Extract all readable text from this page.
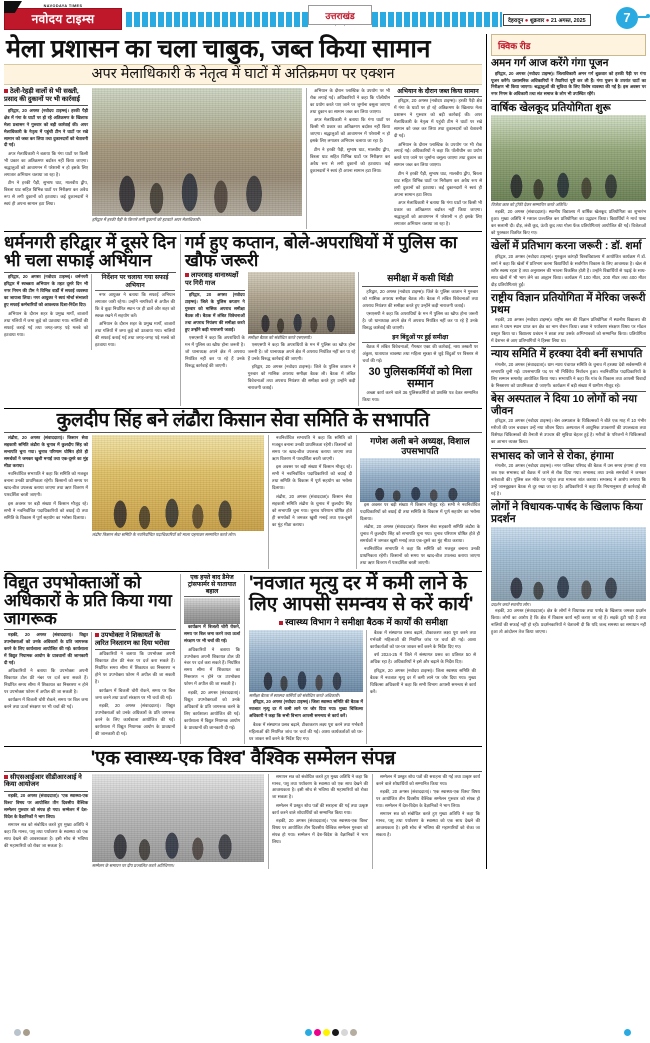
NAVODAYA TIMES
नवोदय टाइम्स	उत्तराखंड	देहरादून ● शुक्रवार ● 21 अगस्त, 2025	7
मेला प्रशासन का चला चाबुक, जब्त किया सामान
अपर मेलाधिकारी के नेतृत्व में घाटों में अतिक्रमण पर एक्शन
ठेली-रेहड़ी वालों से भी सख्ती, प्रसाद की दुकानों पर भी कार्रवाई

हरिद्वार, 20 अगस्त (नवोदय टाइम्स)। हरकी पैड़ी क्षेत्र में गंगा के घाटों पर हो रहे अतिक्रमण के खिलाफ मेला प्रशासन ने गुरुवार को बड़ी कार्रवाई की। अपर मेलाधिकारी के नेतृत्व में पहुंची टीम ने घाटों पर रखे सामान को जब्त कर लिया तथा दुकानदारों को चेतावनी दी गई।

अपर मेलाधिकारी ने बताया कि गंगा घाटों पर किसी भी प्रकार का अतिक्रमण बर्दाश्त नहीं किया जाएगा। श्रद्धालुओं को आवागमन में परेशानी न हो इसके लिए लगातार अभियान चलाया जा रहा है।

टीम ने हरकी पैड़ी, सुभाष घाट, मालवीय द्वीप, बिरला घाट सहित विभिन्न घाटों पर निरीक्षण कर अवैध रूप से लगी दुकानों को हटवाया। कई दुकानदारों ने स्वयं ही अपना सामान हटा लिया।

हरिद्वार में हरकी पैड़ी के किनारे लगी दुकानों को हटवाते अपर मेलाधिकारी।

अभियान के दौरान प्लास्टिक के उपयोग पर भी रोक लगाई गई। अधिकारियों ने कहा कि पॉलीथीन का प्रयोग करते पाए जाने पर जुर्माना वसूला जाएगा तथा दुकान का सामान जब्त कर लिया जाएगा।

अपर मेलाधिकारी ने बताया कि गंगा घाटों पर किसी भी प्रकार का अतिक्रमण बर्दाश्त नहीं किया जाएगा। श्रद्धालुओं को आवागमन में परेशानी न हो इसके लिए लगातार अभियान चलाया जा रहा है।

टीम ने हरकी पैड़ी, सुभाष घाट, मालवीय द्वीप, बिरला घाट सहित विभिन्न घाटों पर निरीक्षण कर अवैध रूप से लगी दुकानों को हटवाया। कई दुकानदारों ने स्वयं ही अपना सामान हटा लिया।

अभियान के दौरान जब्त किया सामान

हरिद्वार, 20 अगस्त (नवोदय टाइम्स)। हरकी पैड़ी क्षेत्र में गंगा के घाटों पर हो रहे अतिक्रमण के खिलाफ मेला प्रशासन ने गुरुवार को बड़ी कार्रवाई की। अपर मेलाधिकारी के नेतृत्व में पहुंची टीम ने घाटों पर रखे सामान को जब्त कर लिया तथा दुकानदारों को चेतावनी दी गई।

अभियान के दौरान प्लास्टिक के उपयोग पर भी रोक लगाई गई। अधिकारियों ने कहा कि पॉलीथीन का प्रयोग करते पाए जाने पर जुर्माना वसूला जाएगा तथा दुकान का सामान जब्त कर लिया जाएगा।

टीम ने हरकी पैड़ी, सुभाष घाट, मालवीय द्वीप, बिरला घाट सहित विभिन्न घाटों पर निरीक्षण कर अवैध रूप से लगी दुकानों को हटवाया। कई दुकानदारों ने स्वयं ही अपना सामान हटा लिया।

अपर मेलाधिकारी ने बताया कि गंगा घाटों पर किसी भी प्रकार का अतिक्रमण बर्दाश्त नहीं किया जाएगा। श्रद्धालुओं को आवागमन में परेशानी न हो इसके लिए लगातार अभियान चलाया जा रहा है।

धर्मनगरी हरिद्वार में दूसरे दिन भी चला सफाई अभियान

हरिद्वार, 20 अगस्त (नवोदय टाइम्स)। धर्मनगरी हरिद्वार में स्वच्छता अभियान के तहत दूसरे दिन भी नगर निगम की टीम ने विभिन्न वार्डों में सफाई व्यवस्था का जायजा लिया। नगर आयुक्त ने स्वयं मोर्चा संभालते हुए सफाई कर्मचारियों को आवश्यक दिशा-निर्देश दिए।

अभियान के दौरान शहर के प्रमुख मार्गों, बाजारों तथा गलियों में जमा कूड़े को उठवाया गया। नालियों की सफाई कराई गई तथा जगह-जगह पड़े मलबे को हटवाया गया।

निर्देशन पर चलाया गया सफाई अभियान

नगर आयुक्त ने बताया कि सफाई अभियान लगातार जारी रहेगा। उन्होंने नागरिकों से अपील की कि वे कूड़ा निर्धारित स्थान पर ही डालें और शहर को स्वच्छ रखने में सहयोग करें।

अभियान के दौरान शहर के प्रमुख मार्गों, बाजारों तथा गलियों में जमा कूड़े को उठवाया गया। नालियों की सफाई कराई गई तथा जगह-जगह पड़े मलबे को हटवाया गया।

गर्म हुए कप्तान, बोले-अपराधियों में पुलिस का खौफ जरूरी
लापरवाह थानाध्यक्षों पर गिरी गाज

हरिद्वार, 20 अगस्त (नवोदय टाइम्स)। जिले के पुलिस कप्तान ने गुरुवार को मासिक अपराध समीक्षा बैठक ली। बैठक में लंबित विवेचनाओं तथा अपराध नियंत्रण की समीक्षा करते हुए उन्होंने कड़ी नाराजगी जताई।

एसएसपी ने कहा कि अपराधियों के मन में पुलिस का खौफ होना जरूरी है। जो थानाध्यक्ष अपने क्षेत्र में अपराध नियंत्रित नहीं कर पा रहे हैं उनके विरुद्ध कार्रवाई की जाएगी।

समीक्षा बैठक को संबोधित करते एसएसपी।

एसएसपी ने कहा कि अपराधियों के मन में पुलिस का खौफ होना जरूरी है। जो थानाध्यक्ष अपने क्षेत्र में अपराध नियंत्रित नहीं कर पा रहे हैं उनके विरुद्ध कार्रवाई की जाएगी।

हरिद्वार, 20 अगस्त (नवोदय टाइम्स)। जिले के पुलिस कप्तान ने गुरुवार को मासिक अपराध समीक्षा बैठक ली। बैठक में लंबित विवेचनाओं तथा अपराध नियंत्रण की समीक्षा करते हुए उन्होंने कड़ी नाराजगी जताई।

समीक्षा में कसी थिंडी

हरिद्वार, 20 अगस्त (नवोदय टाइम्स)। जिले के पुलिस कप्तान ने गुरुवार को मासिक अपराध समीक्षा बैठक ली। बैठक में लंबित विवेचनाओं तथा अपराध नियंत्रण की समीक्षा करते हुए उन्होंने कड़ी नाराजगी जताई।

एसएसपी ने कहा कि अपराधियों के मन में पुलिस का खौफ होना जरूरी है। जो थानाध्यक्ष अपने क्षेत्र में अपराध नियंत्रित नहीं कर पा रहे हैं उनके विरुद्ध कार्रवाई की जाएगी।

इन बिंदुओं पर हुई समीक्षा

बैठक में लंबित विवेचनाओं, गैंगस्टर एक्ट की कार्रवाई, नशा तस्करी पर अंकुश, यातायात व्यवस्था तथा महिला सुरक्षा से जुड़े बिंदुओं पर विस्तार से चर्चा की गई।

30 पुलिसकर्मियों को मिला सम्मान

अच्छा कार्य करने वाले 36 पुलिसकर्मियों को प्रशस्ति पत्र देकर सम्मानित किया गया।

कुलदीप सिंह बने लंढौरा किसान सेवा समिति के सभापति

लंढौरा, 20 अगस्त (संवाददाता)। किसान सेवा सहकारी समिति लंढौरा के चुनाव में कुलदीप सिंह को सभापति चुना गया। चुनाव परिणाम घोषित होते ही समर्थकों ने जमकर खुशी मनाई तथा एक-दूसरे का मुंह मीठा कराया।

नवनिर्वाचित सभापति ने कहा कि समिति को मजबूत बनाना उनकी प्राथमिकता रहेगी। किसानों को समय पर खाद-बीज उपलब्ध कराया जाएगा तथा ऋण वितरण में पारदर्शिता बरती जाएगी।

इस अवसर पर बड़ी संख्या में किसान मौजूद रहे। सभी ने नवनिर्वाचित पदाधिकारियों को बधाई दी तथा समिति के विकास में पूर्ण सहयोग का भरोसा दिलाया।

लंढौरा किसान सेवा समिति के नवनिर्वाचित पदाधिकारियों को माला पहनाकर सम्मानित करते लोग।

नवनिर्वाचित सभापति ने कहा कि समिति को मजबूत बनाना उनकी प्राथमिकता रहेगी। किसानों को समय पर खाद-बीज उपलब्ध कराया जाएगा तथा ऋण वितरण में पारदर्शिता बरती जाएगी।

इस अवसर पर बड़ी संख्या में किसान मौजूद रहे। सभी ने नवनिर्वाचित पदाधिकारियों को बधाई दी तथा समिति के विकास में पूर्ण सहयोग का भरोसा दिलाया।

लंढौरा, 20 अगस्त (संवाददाता)। किसान सेवा सहकारी समिति लंढौरा के चुनाव में कुलदीप सिंह को सभापति चुना गया। चुनाव परिणाम घोषित होते ही समर्थकों ने जमकर खुशी मनाई तथा एक-दूसरे का मुंह मीठा कराया।

गणेश अली बने अध्यक्ष, विशाल उपसभापति

इस अवसर पर बड़ी संख्या में किसान मौजूद रहे। सभी ने नवनिर्वाचित पदाधिकारियों को बधाई दी तथा समिति के विकास में पूर्ण सहयोग का भरोसा दिलाया।

लंढौरा, 20 अगस्त (संवाददाता)। किसान सेवा सहकारी समिति लंढौरा के चुनाव में कुलदीप सिंह को सभापति चुना गया। चुनाव परिणाम घोषित होते ही समर्थकों ने जमकर खुशी मनाई तथा एक-दूसरे का मुंह मीठा कराया।

नवनिर्वाचित सभापति ने कहा कि समिति को मजबूत बनाना उनकी प्राथमिकता रहेगी। किसानों को समय पर खाद-बीज उपलब्ध कराया जाएगा तथा ऋण वितरण में पारदर्शिता बरती जाएगी।

विद्युत उपभोक्ताओं को अधिकारों के प्रति किया गया जागरूक

रुड़की, 20 अगस्त (संवाददाता)। विद्युत उपभोक्ताओं को उनके अधिकारों के प्रति जागरूक करने के लिए कार्यशाला आयोजित की गई। कार्यशाला में विद्युत नियामक आयोग के प्रावधानों की जानकारी दी गई।

अधिकारियों ने बताया कि उपभोक्ता अपनी शिकायत टोल फ्री नंबर पर दर्ज करा सकते हैं। निर्धारित समय सीमा में शिकायत का निस्तारण न होने पर उपभोक्ता फोरम में अपील की जा सकती है।

कार्यक्रम में बिजली चोरी रोकने, समय पर बिल जमा करने तथा ऊर्जा संरक्षण पर भी चर्चा की गई।

उपभोक्ता ने शिकायतों के त्वरित निस्तारण का दिया भरोसा

अधिकारियों ने बताया कि उपभोक्ता अपनी शिकायत टोल फ्री नंबर पर दर्ज करा सकते हैं। निर्धारित समय सीमा में शिकायत का निस्तारण न होने पर उपभोक्ता फोरम में अपील की जा सकती है।

कार्यक्रम में बिजली चोरी रोकने, समय पर बिल जमा करने तथा ऊर्जा संरक्षण पर भी चर्चा की गई।

रुड़की, 20 अगस्त (संवाददाता)। विद्युत उपभोक्ताओं को उनके अधिकारों के प्रति जागरूक करने के लिए कार्यशाला आयोजित की गई। कार्यशाला में विद्युत नियामक आयोग के प्रावधानों की जानकारी दी गई।

एक हफ्ते बाद डैमेज ट्रांसफार्मर से यातायात बहाल

कार्यक्रम में बिजली चोरी रोकने, समय पर बिल जमा करने तथा ऊर्जा संरक्षण पर भी चर्चा की गई।

अधिकारियों ने बताया कि उपभोक्ता अपनी शिकायत टोल फ्री नंबर पर दर्ज करा सकते हैं। निर्धारित समय सीमा में शिकायत का निस्तारण न होने पर उपभोक्ता फोरम में अपील की जा सकती है।

रुड़की, 20 अगस्त (संवाददाता)। विद्युत उपभोक्ताओं को उनके अधिकारों के प्रति जागरूक करने के लिए कार्यशाला आयोजित की गई। कार्यशाला में विद्युत नियामक आयोग के प्रावधानों की जानकारी दी गई।

'नवजात मृत्यु दर में कमी लाने के लिए आपसी समन्वय से करें कार्य'
स्वास्थ्य विभाग ने समीक्षा बैठक में कार्यों की समीक्षा
समीक्षा बैठक में स्वास्थ्य कर्मियों को संबोधित करते अधिकारी।

हरिद्वार, 20 अगस्त (नवोदय टाइम्स)। जिला स्वास्थ्य समिति की बैठक में नवजात मृत्यु दर में कमी लाने पर जोर दिया गया। मुख्य चिकित्सा अधिकारी ने कहा कि सभी विभाग आपसी समन्वय से कार्य करें।

बैठक में संस्थागत प्रसव बढ़ाने, टीकाकरण लक्ष्य पूरा करने तथा गर्भवती महिलाओं की नियमित जांच पर चर्चा की गई। आशा कार्यकर्ताओं को घर-घर जाकर सर्वे करने के निर्देश दिए गए।

बैठक में संस्थागत प्रसव बढ़ाने, टीकाकरण लक्ष्य पूरा करने तथा गर्भवती महिलाओं की नियमित जांच पर चर्चा की गई। आशा कार्यकर्ताओं को घर-घर जाकर सर्वे करने के निर्देश दिए गए।

वर्ष 2024-25 में जिले में संस्थागत प्रसव का प्रतिशत 50 से अधिक रहा है। अधिकारियों ने इसे और बढ़ाने के निर्देश दिए।

हरिद्वार, 20 अगस्त (नवोदय टाइम्स)। जिला स्वास्थ्य समिति की बैठक में नवजात मृत्यु दर में कमी लाने पर जोर दिया गया। मुख्य चिकित्सा अधिकारी ने कहा कि सभी विभाग आपसी समन्वय से कार्य करें।

'एक स्वास्थ्य-एक विश्व' वैश्विक सम्मेलन संपन्न
सीएसआईआर सीडीआरआई ने किया आयोजन

रुड़की, 20 अगस्त (संवाददाता)। 'एक स्वास्थ्य-एक विश्व' विषय पर आयोजित तीन दिवसीय वैश्विक सम्मेलन गुरुवार को संपन्न हो गया। सम्मेलन में देश-विदेश के वैज्ञानिकों ने भाग लिया।

समापन सत्र को संबोधित करते हुए मुख्य अतिथि ने कहा कि मानव, पशु तथा पर्यावरण के स्वास्थ्य को एक साथ देखने की आवश्यकता है। इसी सोच से भविष्य की महामारियों को रोका जा सकता है।

सम्मेलन के समापन पर दीप प्रज्वलित करते अतिथिगण।

समापन सत्र को संबोधित करते हुए मुख्य अतिथि ने कहा कि मानव, पशु तथा पर्यावरण के स्वास्थ्य को एक साथ देखने की आवश्यकता है। इसी सोच से भविष्य की महामारियों को रोका जा सकता है।

सम्मेलन में प्रस्तुत शोध पत्रों की सराहना की गई तथा उत्कृष्ट कार्य करने वाले शोधार्थियों को सम्मानित किया गया।

रुड़की, 20 अगस्त (संवाददाता)। 'एक स्वास्थ्य-एक विश्व' विषय पर आयोजित तीन दिवसीय वैश्विक सम्मेलन गुरुवार को संपन्न हो गया। सम्मेलन में देश-विदेश के वैज्ञानिकों ने भाग लिया।

सम्मेलन में प्रस्तुत शोध पत्रों की सराहना की गई तथा उत्कृष्ट कार्य करने वाले शोधार्थियों को सम्मानित किया गया।

रुड़की, 20 अगस्त (संवाददाता)। 'एक स्वास्थ्य-एक विश्व' विषय पर आयोजित तीन दिवसीय वैश्विक सम्मेलन गुरुवार को संपन्न हो गया। सम्मेलन में देश-विदेश के वैज्ञानिकों ने भाग लिया।

समापन सत्र को संबोधित करते हुए मुख्य अतिथि ने कहा कि मानव, पशु तथा पर्यावरण के स्वास्थ्य को एक साथ देखने की आवश्यकता है। इसी सोच से भविष्य की महामारियों को रोका जा सकता है।

क्विक रीड
अमन गर्ग आज करेंगे गंगा पूजन

हरिद्वार, 20 अगस्त (नवोदय टाइम्स)। जिलाधिकारी अमन गर्ग शुक्रवार को हरकी पैड़ी पर गंगा पूजन करेंगे। प्रशासनिक अधिकारियों ने तैयारियां पूरी कर ली हैं। गंगा पूजन के उपरांत घाटों का निरीक्षण भी किया जाएगा। श्रद्धालुओं की सुविधा के लिए विशेष व्यवस्था की गई है। इस अवसर पर नगर निगम के अधिकारी तथा संत समाज के लोग भी उपस्थित रहेंगे।

वार्षिक खेलकूद प्रतियोगिता शुरू
विजेता छात्र को ट्रॉफी देकर सम्मानित करते अतिथि।

रुड़की, 20 अगस्त (संवाददाता)। स्थानीय विद्यालय में वार्षिक खेलकूद प्रतियोगिता का शुभारंभ हुआ। मुख्य अतिथि ने मशाल प्रज्वलित कर प्रतियोगिता का उद्घाटन किया। विद्यार्थियों ने मार्च पास्ट कर सलामी दी। दौड़, लंबी कूद, ऊंची कूद तथा गोला फेंक प्रतियोगिताएं आयोजित की गईं। विजेताओं को पुरस्कार वितरित किए गए।

खेलों में प्रतिभाग करना जरूरी : डॉ. शर्मा

हरिद्वार, 20 अगस्त (नवोदय टाइम्स)। गुरुकुल कांगड़ी विश्वविद्यालय में आयोजित कार्यक्रम में डॉ. शर्मा ने कहा कि खेलों में प्रतिभाग करना विद्यार्थियों के सर्वांगीण विकास के लिए आवश्यक है। खेल से शरीर स्वस्थ रहता है तथा अनुशासन की भावना विकसित होती है। उन्होंने विद्यार्थियों से पढ़ाई के साथ-साथ खेलों में भी भाग लेने का आह्वान किया। कार्यक्रम में 100 मीटर, 200 मीटर तथा 400 मीटर दौड़ प्रतियोगिताएं हुईं।

राष्ट्रीय विज्ञान प्रतियोगिता में मेरिका जरूरी प्रथम

रुड़की, 20 अगस्त (नवोदय टाइम्स)। राष्ट्रीय स्तर की विज्ञान प्रतियोगिता में स्थानीय विद्यालय की छात्रा ने प्रथम स्थान प्राप्त कर क्षेत्र का नाम रोशन किया। छात्रा ने पर्यावरण संरक्षण विषय पर मॉडल प्रस्तुत किया था। विद्यालय प्रबंधन ने छात्रा तथा उसके अभिभावकों को सम्मानित किया। प्रतियोगिता में देशभर से आए प्रतिभागियों ने हिस्सा लिया था।

न्याय समिति में हरक्या देवी बनीं सभापति

मंगलौर, 20 अगस्त (संवाददाता)। ग्राम न्याय पंचायत समिति के चुनाव में हरक्या देवी सर्वसम्मति से सभापति चुनी गईं। उपसभापति पद पर भी निर्विरोध निर्वाचन हुआ। नवनिर्वाचित पदाधिकारियों के लिए सम्मान समारोह आयोजित किया गया। सभापति ने कहा कि गांव के विकास तथा आपसी विवादों के निस्तारण को प्राथमिकता दी जाएगी। कार्यक्रम में बड़ी संख्या में ग्रामीण मौजूद रहे।

बेस अस्पताल ने दिया 10 लोगों को नया जीवन

हरिद्वार, 20 अगस्त (नवोदय टाइम्स)। बेस अस्पताल के चिकित्सकों ने बीते एक माह में 10 गंभीर मरीजों की जान बचाकर उन्हें नया जीवन दिया। अस्पताल में आधुनिक उपकरणों की उपलब्धता तथा विशेषज्ञ चिकित्सकों की तैनाती से उपचार की सुविधा बेहतर हुई है। मरीजों के परिजनों ने चिकित्सकों का आभार व्यक्त किया।

सभासद को जाने से रोका, हंगामा

मंगलौर, 20 अगस्त (नवोदय टाइम्स)। नगर पालिका परिषद की बैठक में उस समय हंगामा हो गया जब एक सभासद को बैठक में जाने से रोक दिया गया। सभासद तथा उनके समर्थकों ने जमकर नारेबाजी की। पुलिस बल मौके पर पहुंचा तथा मामला शांत कराया। सभासद ने आरोप लगाया कि उन्हें जानबूझकर बैठक से दूर रखा जा रहा है। अधिकारियों ने कहा कि नियमानुसार ही कार्रवाई की गई है।

लोगों ने विधायक-पार्षद के खिलाफ किया प्रदर्शन
प्रदर्शन करते स्थानीय लोग।

रुड़की, 20 अगस्त (संवाददाता)। क्षेत्र के लोगों ने विधायक तथा पार्षद के खिलाफ जमकर प्रदर्शन किया। लोगों का आरोप है कि क्षेत्र में विकास कार्य नहीं कराए जा रहे हैं। सड़कें टूटी पड़ी हैं तथा नालियों की सफाई नहीं हो रही। प्रदर्शनकारियों ने चेतावनी दी कि यदि जल्द समस्या का समाधान नहीं हुआ तो आंदोलन तेज किया जाएगा।
